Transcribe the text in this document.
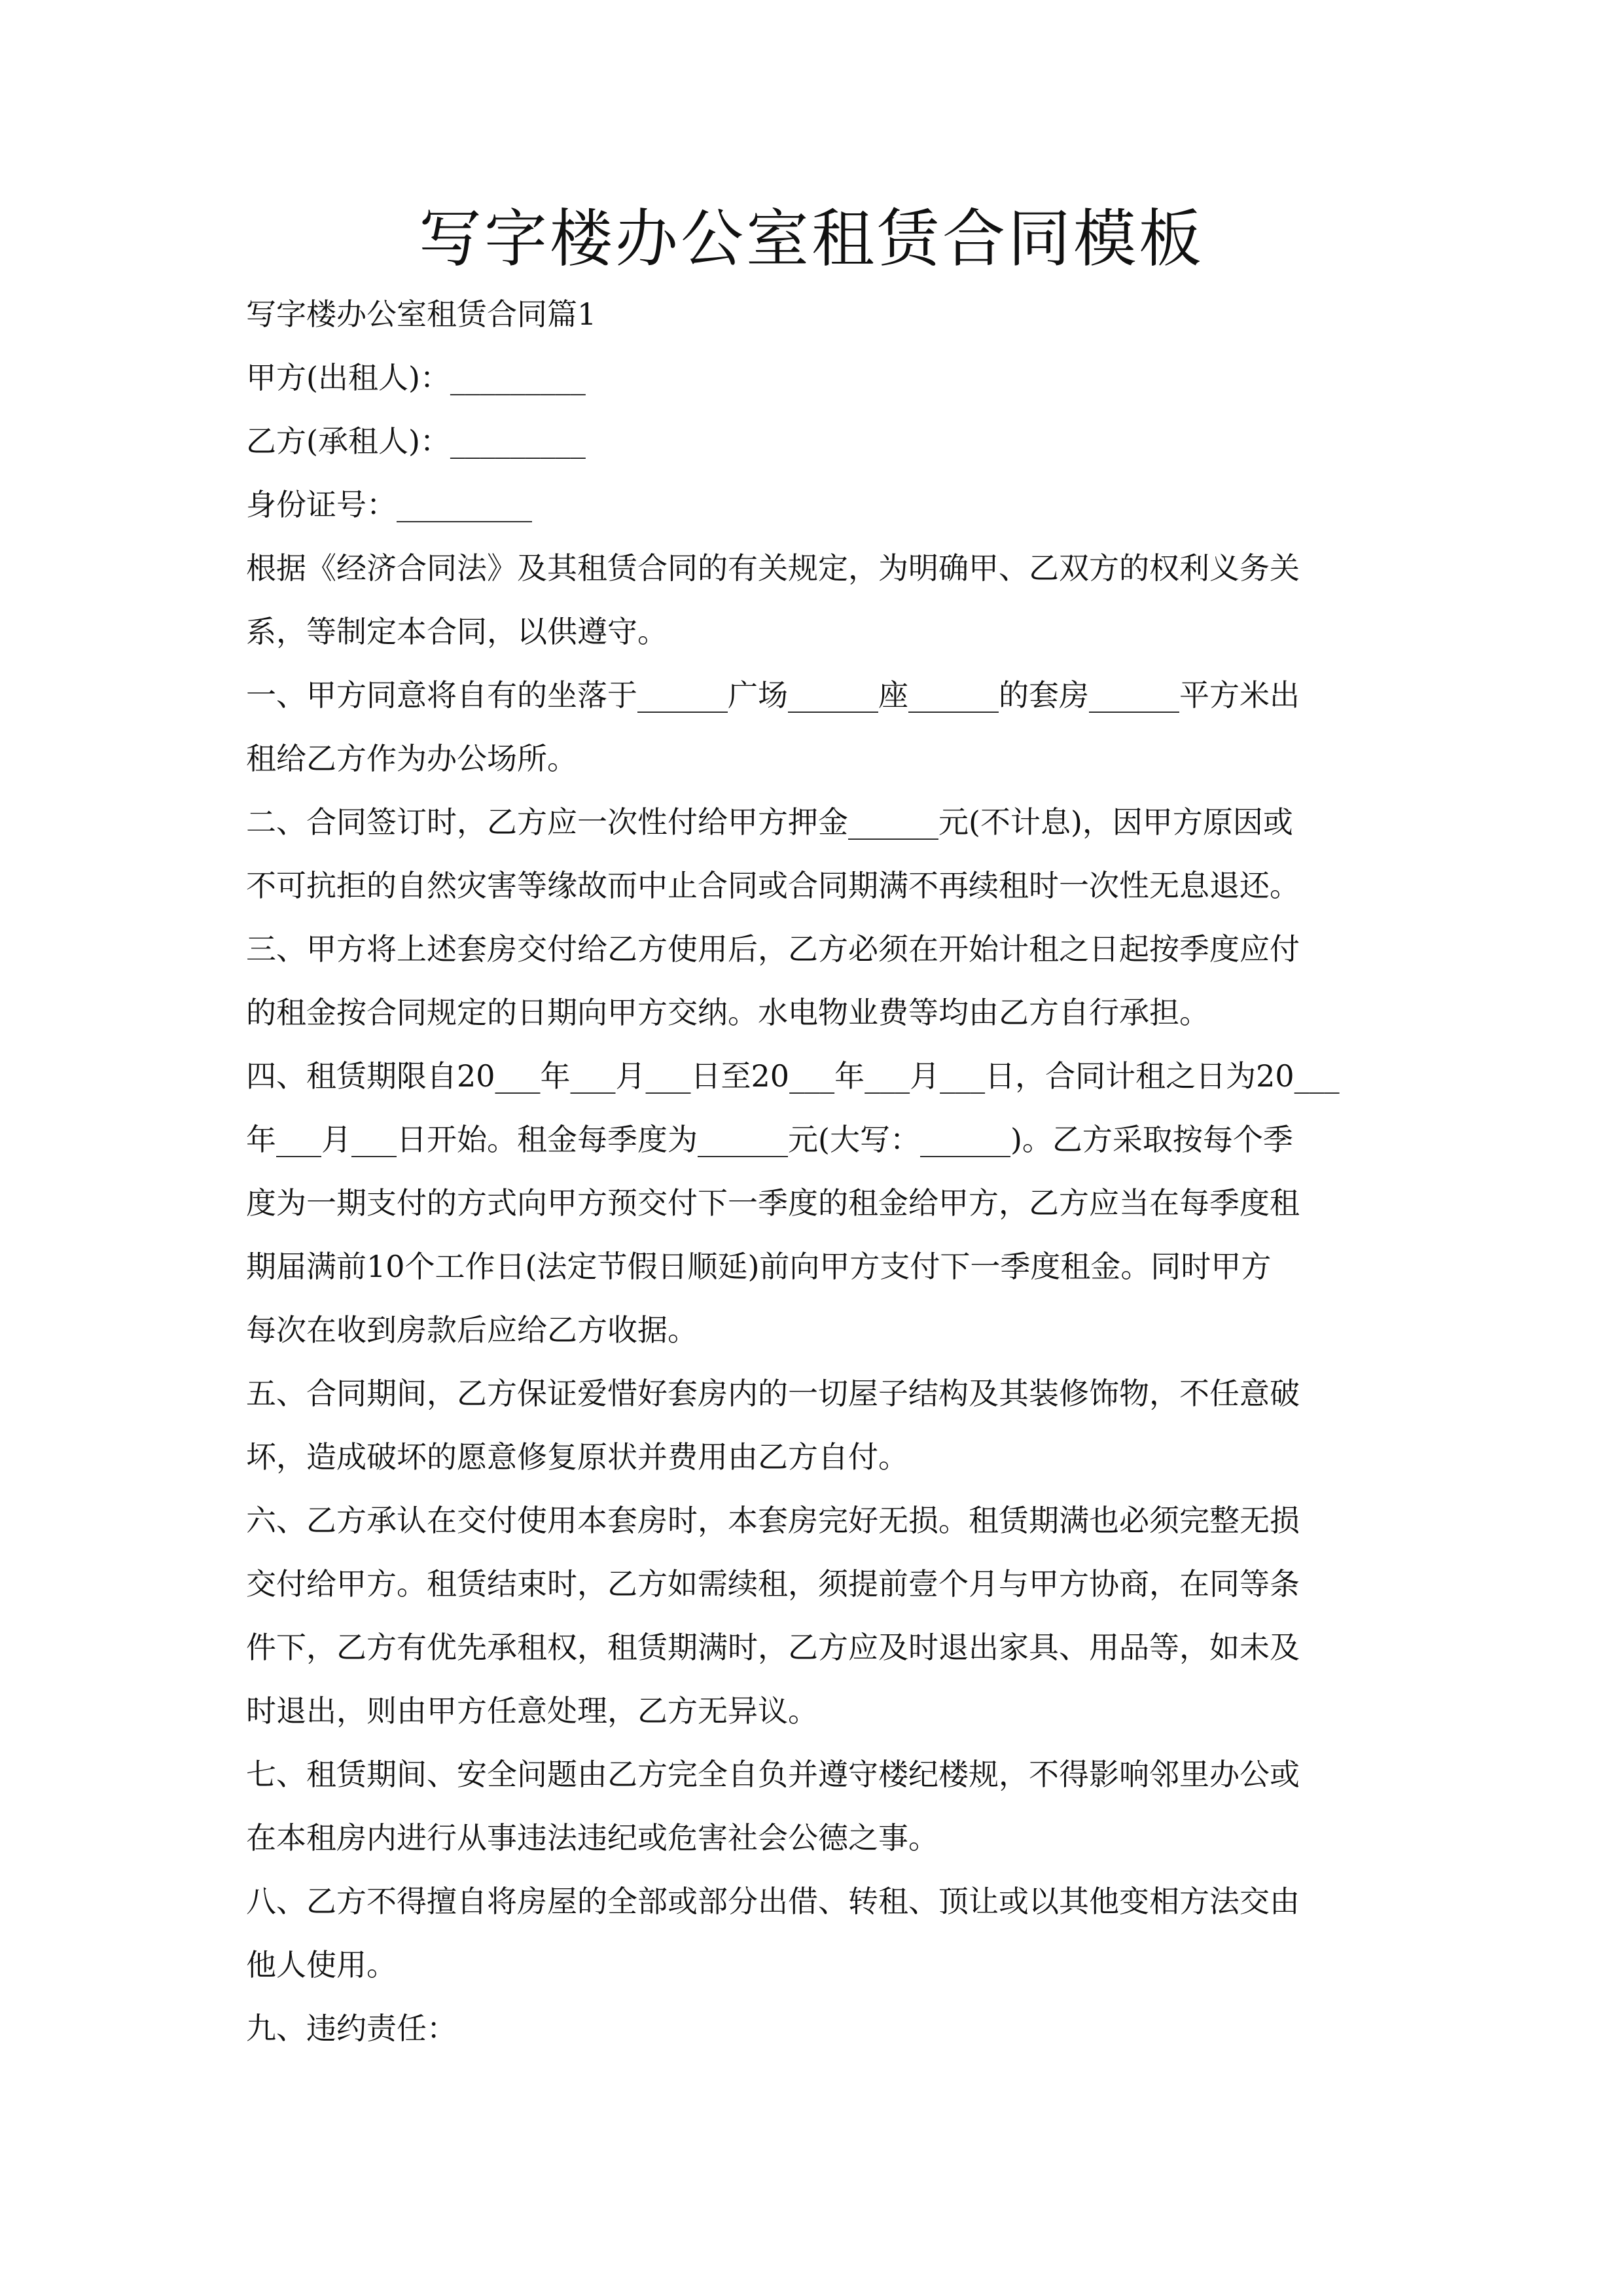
写字楼办公室租赁合同模板
写字楼办公室租赁合同篇1
甲方(出租人)：_________
乙方(承租人)：_________
身份证号：_________
根据《经济合同法》及其租赁合同的有关规定，为明确甲、乙双方的权利义务关
系，等制定本合同，以供遵守。
一、甲方同意将自有的坐落于______广场______座______的套房______平方米出
租给乙方作为办公场所。
二、合同签订时，乙方应一次性付给甲方押金______元(不计息)，因甲方原因或
不可抗拒的自然灾害等缘故而中止合同或合同期满不再续租时一次性无息退还。
三、甲方将上述套房交付给乙方使用后，乙方必须在开始计租之日起按季度应付
的租金按合同规定的日期向甲方交纳。水电物业费等均由乙方自行承担。
四、租赁期限自20___年___月___日至20___年___月___日，合同计租之日为20___
年___月___日开始。租金每季度为______元(大写：______)。乙方采取按每个季
度为一期支付的方式向甲方预交付下一季度的租金给甲方，乙方应当在每季度租
期届满前10个工作日(法定节假日顺延)前向甲方支付下一季度租金。同时甲方
每次在收到房款后应给乙方收据。
五、合同期间，乙方保证爱惜好套房内的一切屋子结构及其装修饰物，不任意破
坏，造成破坏的愿意修复原状并费用由乙方自付。
六、乙方承认在交付使用本套房时，本套房完好无损。租赁期满也必须完整无损
交付给甲方。租赁结束时，乙方如需续租，须提前壹个月与甲方协商，在同等条
件下，乙方有优先承租权，租赁期满时，乙方应及时退出家具、用品等，如未及
时退出，则由甲方任意处理，乙方无异议。
七、租赁期间、安全问题由乙方完全自负并遵守楼纪楼规，不得影响邻里办公或
在本租房内进行从事违法违纪或危害社会公德之事。
八、乙方不得擅自将房屋的全部或部分出借、转租、顶让或以其他变相方法交由
他人使用。
九、违约责任：
